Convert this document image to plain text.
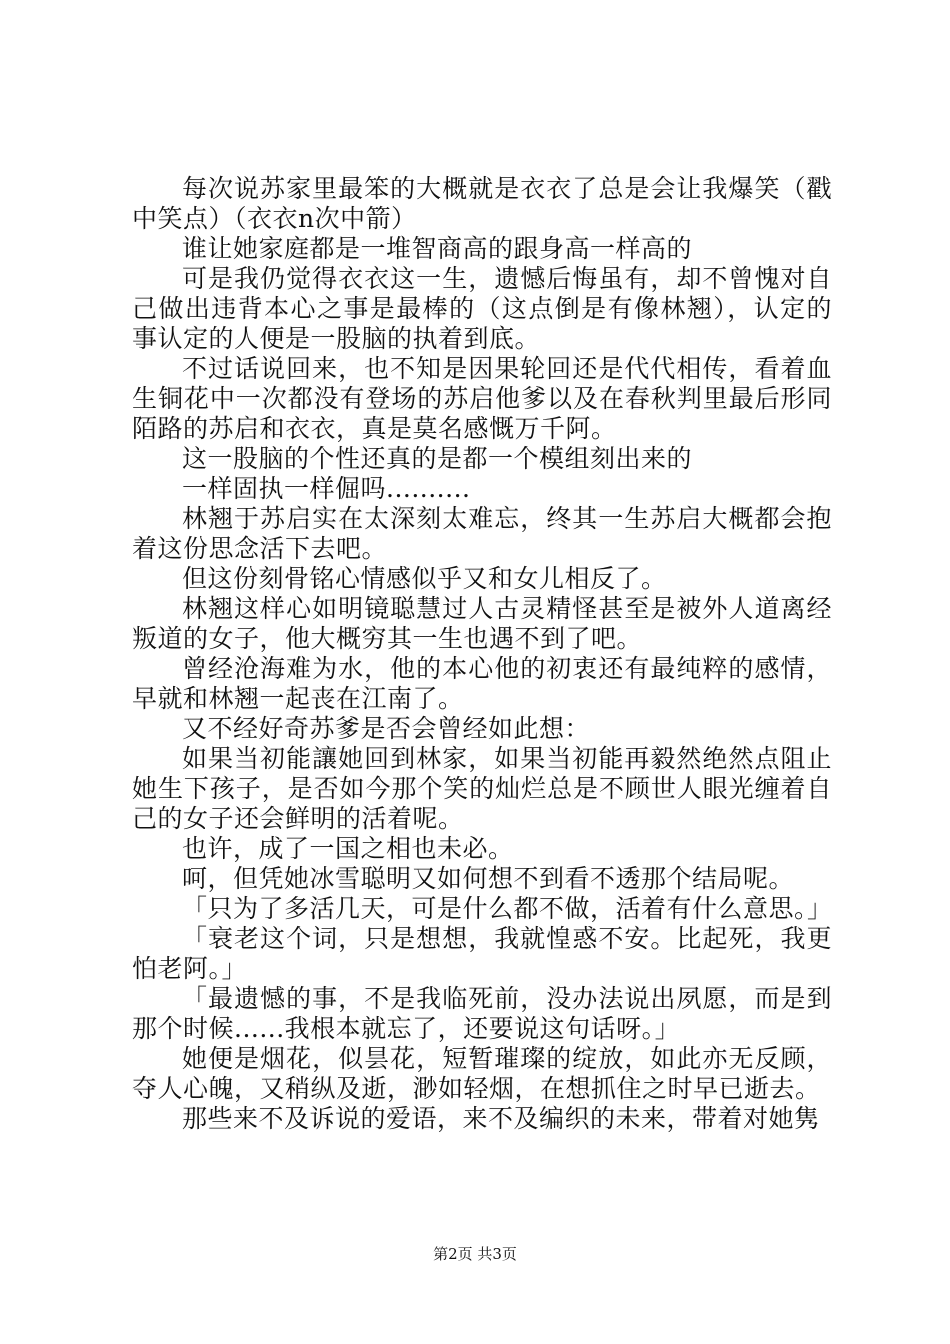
每次说苏家里最笨的大概就是衣衣了总是会让我爆笑（戳中笑点）（衣衣n次中箭）

谁让她家庭都是一堆智商高的跟身高一样高的

可是我仍觉得衣衣这一生，遗憾后悔虽有，却不曾愧对自己做出违背本心之事是最棒的（这点倒是有像林翘），认定的事认定的人便是一股脑的执着到底。

不过话说回来，也不知是因果轮回还是代代相传，看着血生铜花中一次都没有登场的苏启他爹以及在春秋判里最后形同陌路的苏启和衣衣，真是莫名感慨万千阿。

这一股脑的个性还真的是都一个模组刻出来的

一样固执一样倔吗..........

林翘于苏启实在太深刻太难忘，终其一生苏启大概都会抱着这份思念活下去吧。

但这份刻骨铭心情感似乎又和女儿相反了。

林翘这样心如明镜聪慧过人古灵精怪甚至是被外人道离经叛道的女子，他大概穷其一生也遇不到了吧。

曾经沧海难为水，他的本心他的初衷还有最纯粹的感情，早就和林翘一起丧在江南了。

又不经好奇苏爹是否会曾经如此想：

如果当初能讓她回到林家，如果当初能再毅然绝然点阻止她生下孩子，是否如今那个笑的灿烂总是不顾世人眼光缠着自己的女子还会鲜明的活着呢。

也许，成了一国之相也未必。

呵，但凭她冰雪聪明又如何想不到看不透那个结局呢。

「只为了多活几天，可是什么都不做，活着有什么意思。」

「衰老这个词，只是想想，我就惶惑不安。比起死，我更怕老阿。」

「最遗憾的事，不是我临死前，没办法说出夙愿，而是到那个时候......我根本就忘了，还要说这句话呀。」

她便是烟花，似昙花，短暂璀璨的绽放，如此亦无反顾，夺人心魄，又稍纵及逝，渺如轻烟，在想抓住之时早已逝去。

那些来不及诉说的爱语，来不及编织的未来，带着对她隽

第2页 共3页
